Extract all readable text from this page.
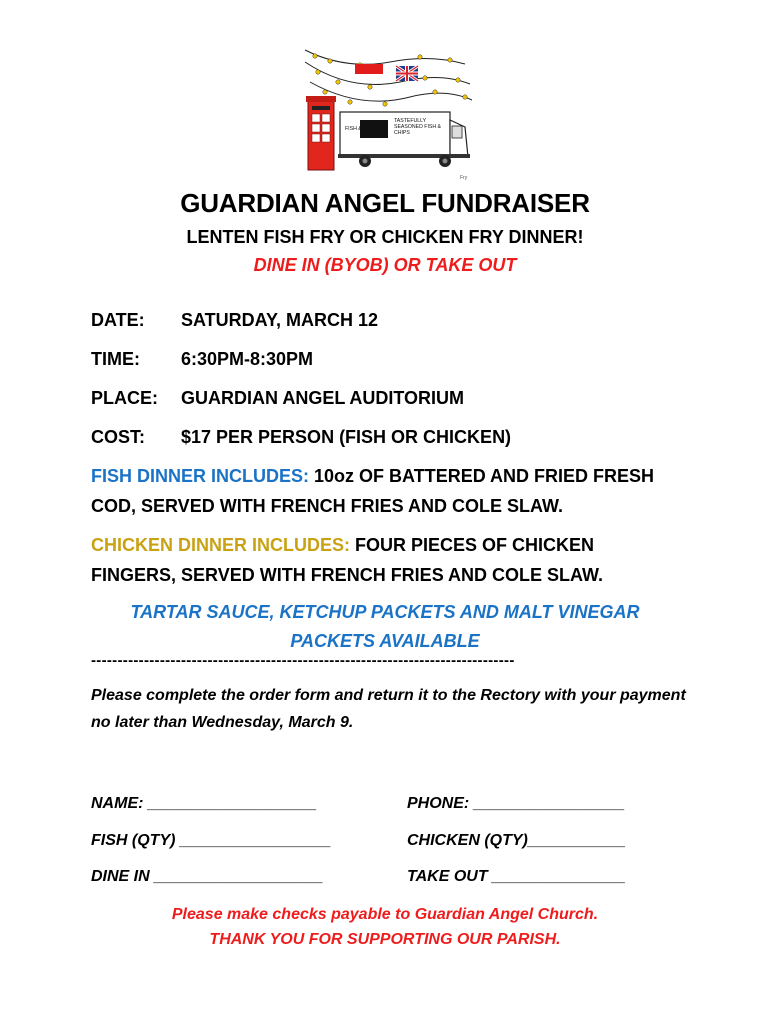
FISH & FRY
TASTEFULLY SEASONED FISH & CHIPS
Fry
GUARDIAN ANGEL FUNDRAISER
LENTEN FISH FRY OR CHICKEN FRY DINNER!
DINE IN (BYOB) OR TAKE OUT
DATE: SATURDAY, MARCH 12
TIME: 6:30PM-8:30PM
PLACE: GUARDIAN ANGEL AUDITORIUM
COST: $17 PER PERSON (FISH OR CHICKEN)
FISH DINNER INCLUDES: 10oz OF BATTERED AND FRIED FRESH
COD, SERVED WITH FRENCH FRIES AND COLE SLAW.
CHICKEN DINNER INCLUDES: FOUR PIECES OF CHICKEN
FINGERS, SERVED WITH FRENCH FRIES AND COLE SLAW.
TARTAR SAUCE, KETCHUP PACKETS AND MALT VINEGAR
PACKETS AVAILABLE
--------------------------------------------------------------------------------
Please complete the order form and return it to the Rectory with your payment no later than Wednesday, March 9.
NAME: ___________________	PHONE: _________________
FISH (QTY) _________________	CHICKEN (QTY)___________
DINE IN ___________________	TAKE OUT _______________
Please make checks payable to Guardian Angel Church.
THANK YOU FOR SUPPORTING OUR PARISH.
